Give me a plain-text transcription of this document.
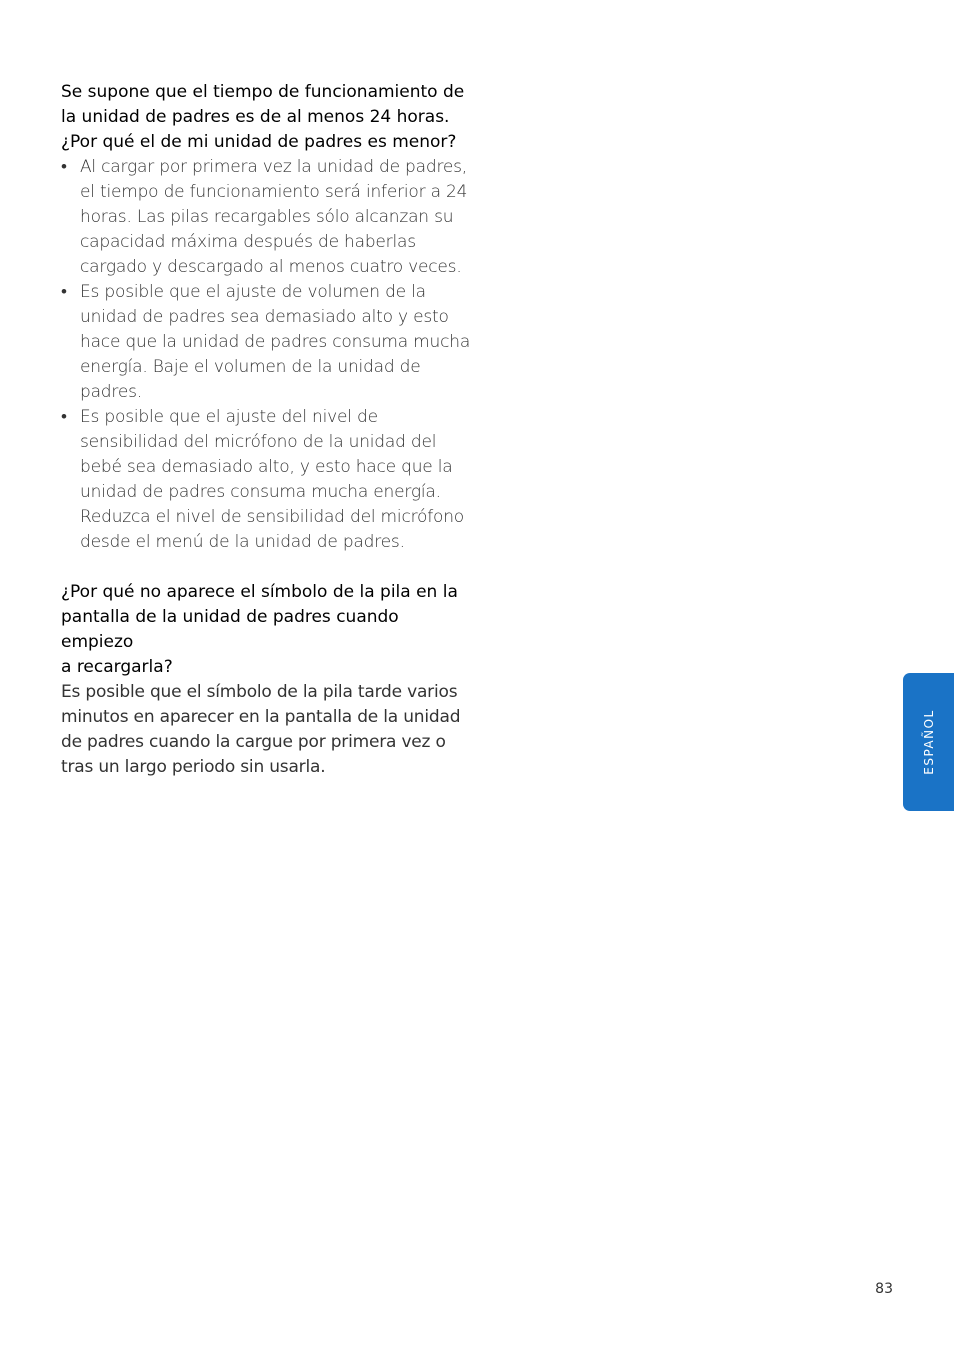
Se supone que el tiempo de funcionamiento de
la unidad de padres es de al menos 24 horas.
¿Por qué el de mi unidad de padres es menor?
• Al cargar por primera vez la unidad de padres, el tiempo de funcionamiento será inferior a 24 horas. Las pilas recargables sólo alcanzan su capacidad máxima después de haberlas cargado y descargado al menos cuatro veces.
• Es posible que el ajuste de volumen de la unidad de padres sea demasiado alto y esto hace que la unidad de padres consuma mucha energía. Baje el volumen de la unidad de padres.
• Es posible que el ajuste del nivel de sensibilidad del micrófono de la unidad del bebé sea demasiado alto, y esto hace que la unidad de padres consuma mucha energía. Reduzca el nivel de sensibilidad del micrófono desde el menú de la unidad de padres.
¿Por qué no aparece el símbolo de la pila en la
pantalla de la unidad de padres cuando empiezo
a recargarla?

Es posible que el símbolo de la pila tarde varios minutos en aparecer en la pantalla de la unidad de padres cuando la cargue por primera vez o tras un largo periodo sin usarla.	ESPAÑOL
83
